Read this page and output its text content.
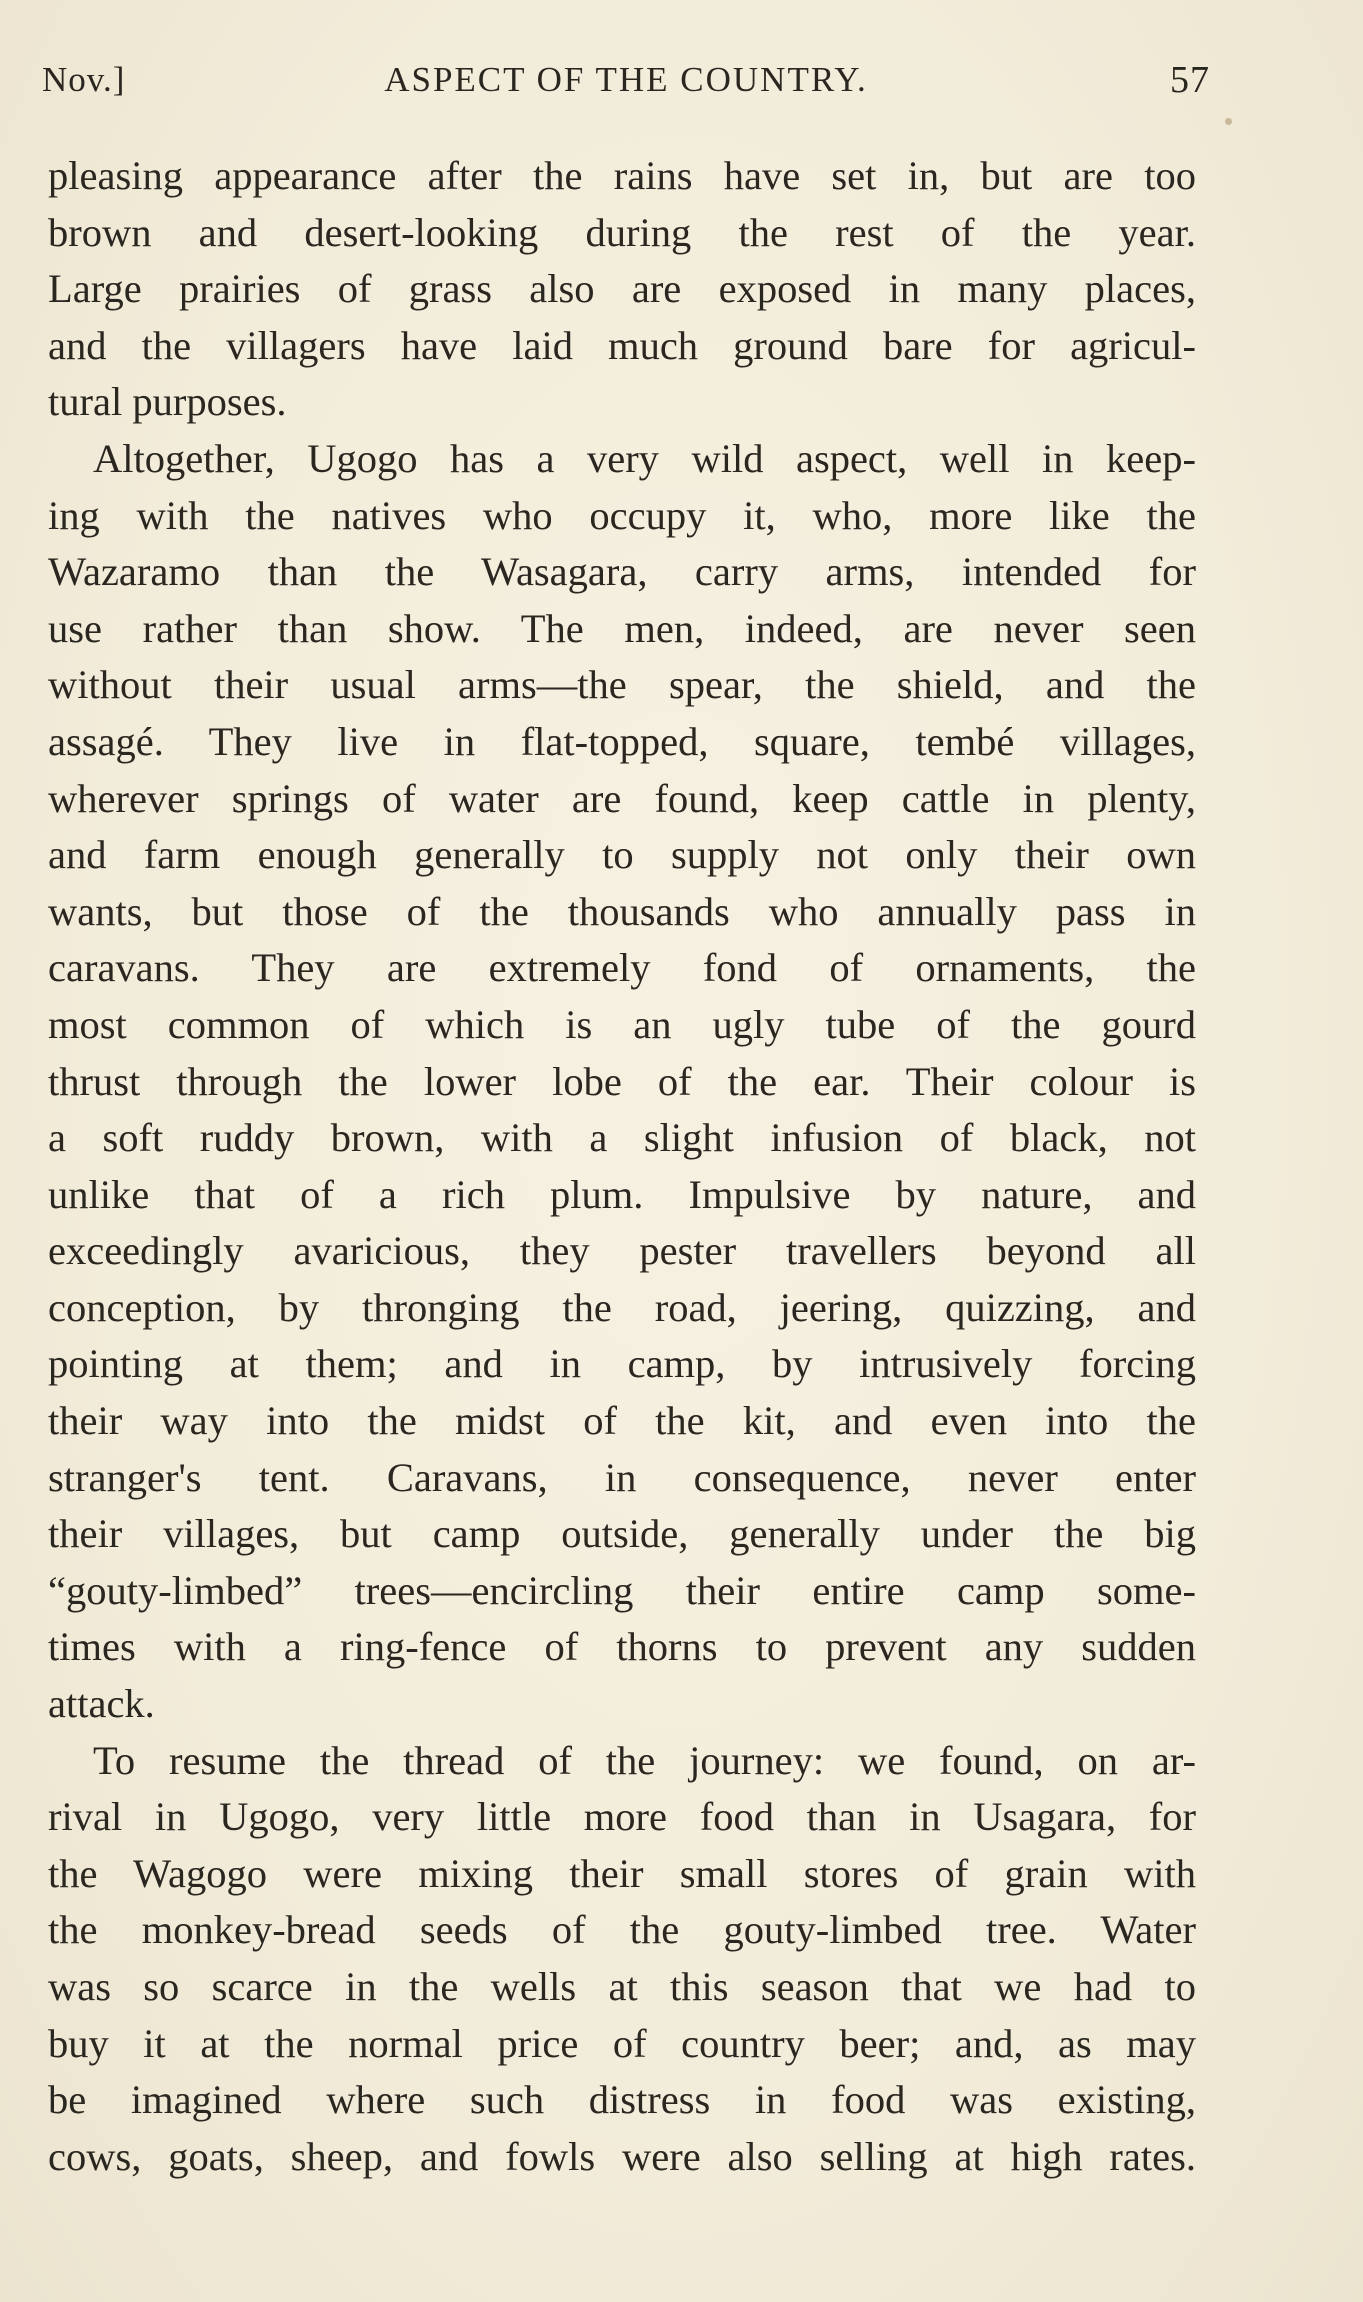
Nov.]	ASPECT OF THE COUNTRY.	57
pleasing appearance after the rains have set in, but are too
brown and desert-looking during the rest of the year.
Large prairies of grass also are exposed in many places,
and the villagers have laid much ground bare for agricul-
tural purposes.
Altogether, Ugogo has a very wild aspect, well in keep-
ing with the natives who occupy it, who, more like the
Wazaramo than the Wasagara, carry arms, intended for
use rather than show. The men, indeed, are never seen
without their usual arms—the spear, the shield, and the
assagé. They live in flat-topped, square, tembé villages,
wherever springs of water are found, keep cattle in plenty,
and farm enough generally to supply not only their own
wants, but those of the thousands who annually pass in
caravans. They are extremely fond of ornaments, the
most common of which is an ugly tube of the gourd
thrust through the lower lobe of the ear. Their colour is
a soft ruddy brown, with a slight infusion of black, not
unlike that of a rich plum. Impulsive by nature, and
exceedingly avaricious, they pester travellers beyond all
conception, by thronging the road, jeering, quizzing, and
pointing at them; and in camp, by intrusively forcing
their way into the midst of the kit, and even into the
stranger's tent. Caravans, in consequence, never enter
their villages, but camp outside, generally under the big
“gouty-limbed” trees—encircling their entire camp some-
times with a ring-fence of thorns to prevent any sudden
attack.
To resume the thread of the journey: we found, on ar-
rival in Ugogo, very little more food than in Usagara, for
the Wagogo were mixing their small stores of grain with
the monkey-bread seeds of the gouty-limbed tree. Water
was so scarce in the wells at this season that we had to
buy it at the normal price of country beer; and, as may
be imagined where such distress in food was existing,
cows, goats, sheep, and fowls were also selling at high rates.
